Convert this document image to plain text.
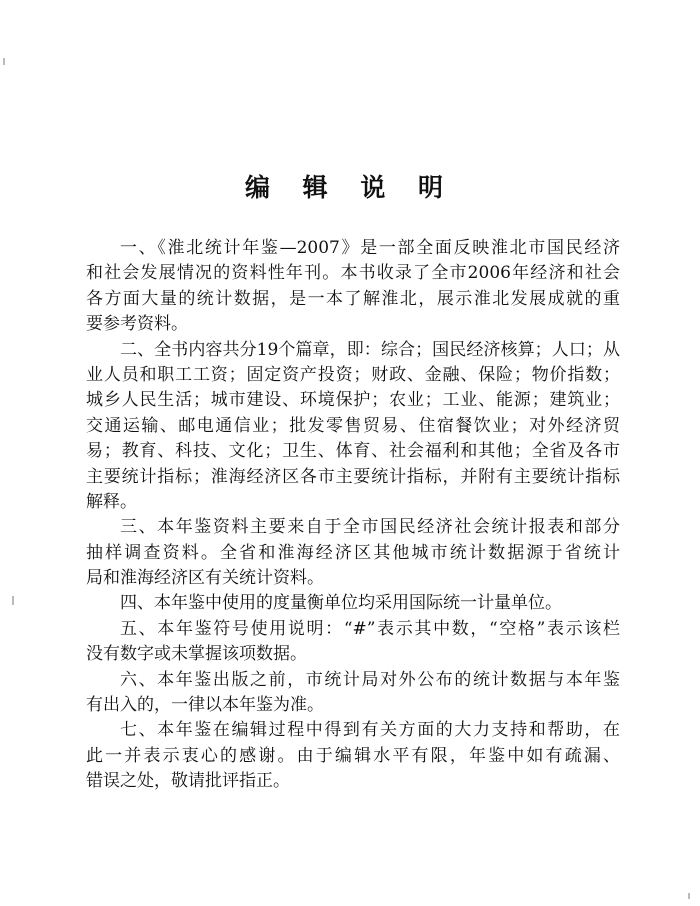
编 辑 说 明
一、《淮北统计年鉴—2007》是一部全面反映淮北市国民经济
和社会发展情况的资料性年刊。本书收录了全市2006年经济和社会
各方面大量的统计数据，是一本了解淮北，展示淮北发展成就的重
要参考资料。
二、全书内容共分19个篇章，即：综合；国民经济核算；人口；从
业人员和职工工资；固定资产投资；财政、金融、保险；物价指数；
城乡人民生活；城市建设、环境保护；农业；工业、能源；建筑业；
交通运输、邮电通信业；批发零售贸易、住宿餐饮业；对外经济贸
易；教育、科技、文化；卫生、体育、社会福利和其他；全省及各市
主要统计指标；淮海经济区各市主要统计指标，并附有主要统计指标
解释。
三、本年鉴资料主要来自于全市国民经济社会统计报表和部分
抽样调查资料。全省和淮海经济区其他城市统计数据源于省统计
局和淮海经济区有关统计资料。
四、本年鉴中使用的度量衡单位均采用国际统一计量单位。
五、本年鉴符号使用说明：“#”表示其中数，“空格”表示该栏
没有数字或未掌握该项数据。
六、本年鉴出版之前，市统计局对外公布的统计数据与本年鉴
有出入的，一律以本年鉴为准。
七、本年鉴在编辑过程中得到有关方面的大力支持和帮助，在
此一并表示衷心的感谢。由于编辑水平有限，年鉴中如有疏漏、
错误之处，敬请批评指正。
